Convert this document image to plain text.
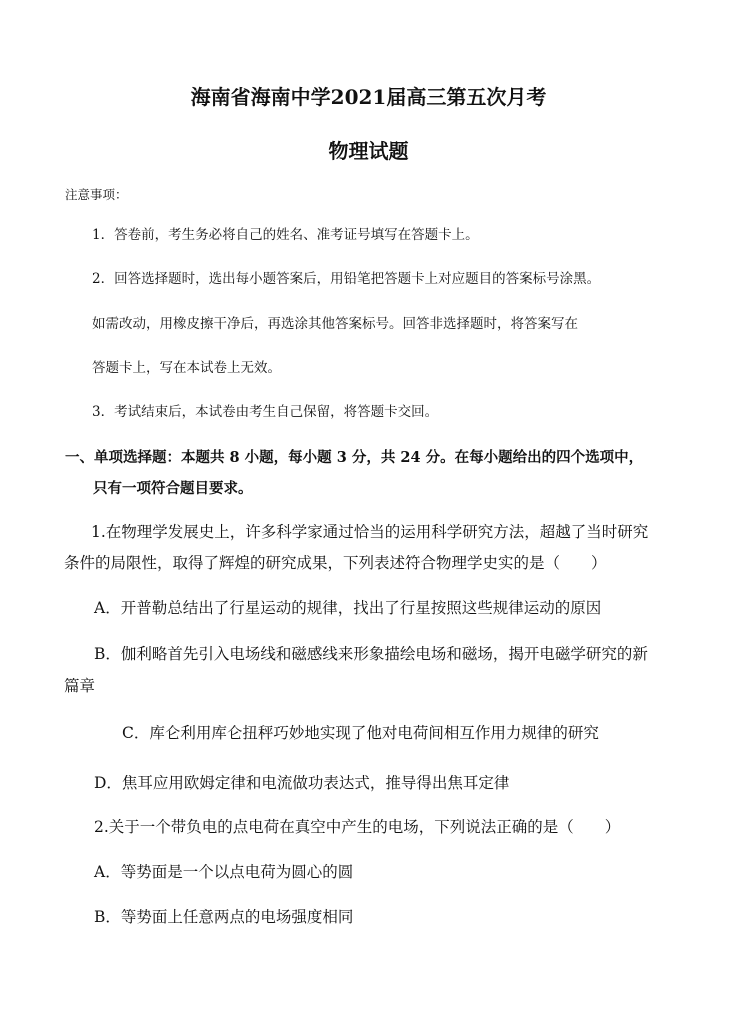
海南省海南中学2021届高三第五次月考
物理试题
注意事项：
1．答卷前，考生务必将自己的姓名、准考证号填写在答题卡上。
2．回答选择题时，选出每小题答案后，用铅笔把答题卡上对应题目的答案标号涂黑。
如需改动，用橡皮擦干净后，再选涂其他答案标号。回答非选择题时，将答案写在
答题卡上，写在本试卷上无效。
3．考试结束后，本试卷由考生自己保留，将答题卡交回。
一、单项选择题：本题共 8 小题，每小题 3 分，共 24 分。在每小题给出的四个选项中，
只有一项符合题目要求。
1.在物理学发展史上，许多科学家通过恰当的运用科学研究方法，超越了当时研究
条件的局限性，取得了辉煌的研究成果，下列表述符合物理学史实的是（　　）
A．开普勒总结出了行星运动的规律，找出了行星按照这些规律运动的原因
B．伽利略首先引入电场线和磁感线来形象描绘电场和磁场，揭开电磁学研究的新
篇章
C．库仑利用库仑扭秤巧妙地实现了他对电荷间相互作用力规律的研究
D．焦耳应用欧姆定律和电流做功表达式，推导得出焦耳定律
2.关于一个带负电的点电荷在真空中产生的电场，下列说法正确的是（　　）
A．等势面是一个以点电荷为圆心的圆
B．等势面上任意两点的电场强度相同
